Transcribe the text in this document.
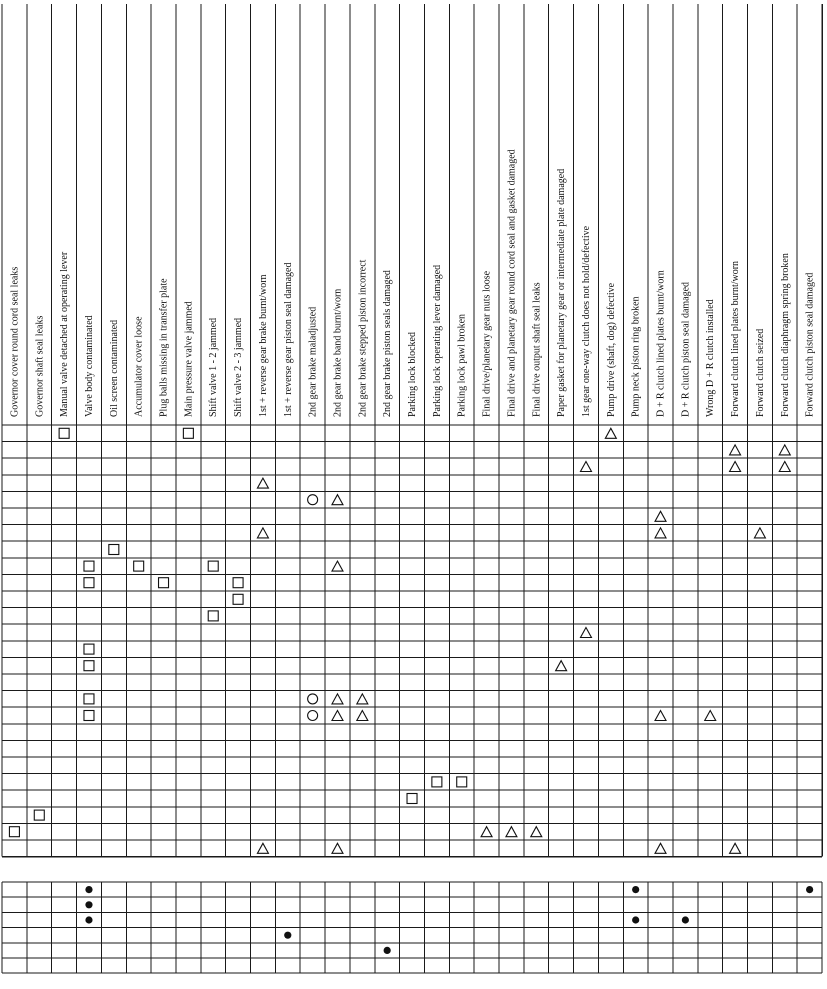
Governor cover round cord seal leaks Governor shaft seal leaks Manual valve detached at operating lever Valve body contaminated Oil screen contaminated Accumulator cover loose Plug balls missing in transfer plate Main pressure valve jammed Shift valve 1 - 2 jammed Shift valve 2 - 3 jammed 1st + reverse gear brake burnt/worn 1st + reverse gear piston seal damaged 2nd gear brake maladjusted 2nd gear brake band burnt/worn 2nd gear brake stepped piston incorrect 2nd gear brake piston seals damaged Parking lock blocked Parking lock operating lever damaged Parking lock pawl broken Final drive/planetary gear nuts loose Final drive and planetary gear round cord seal and gasket damaged Final drive output shaft seal leaks Paper gasket for planetary gear or intermediate plate damaged 1st gear one-way clutch does not hold/defective Pump drive (shaft, dog) defective Pump neck piston ring broken D + R clutch lined plates burnt/worn D + R clutch piston seal damaged Wrong D + R clutch installed Forward clutch lined plates burnt/worn Forward clutch seized Forward clutch diaphragm spring broken Forward clutch piston seal damaged
